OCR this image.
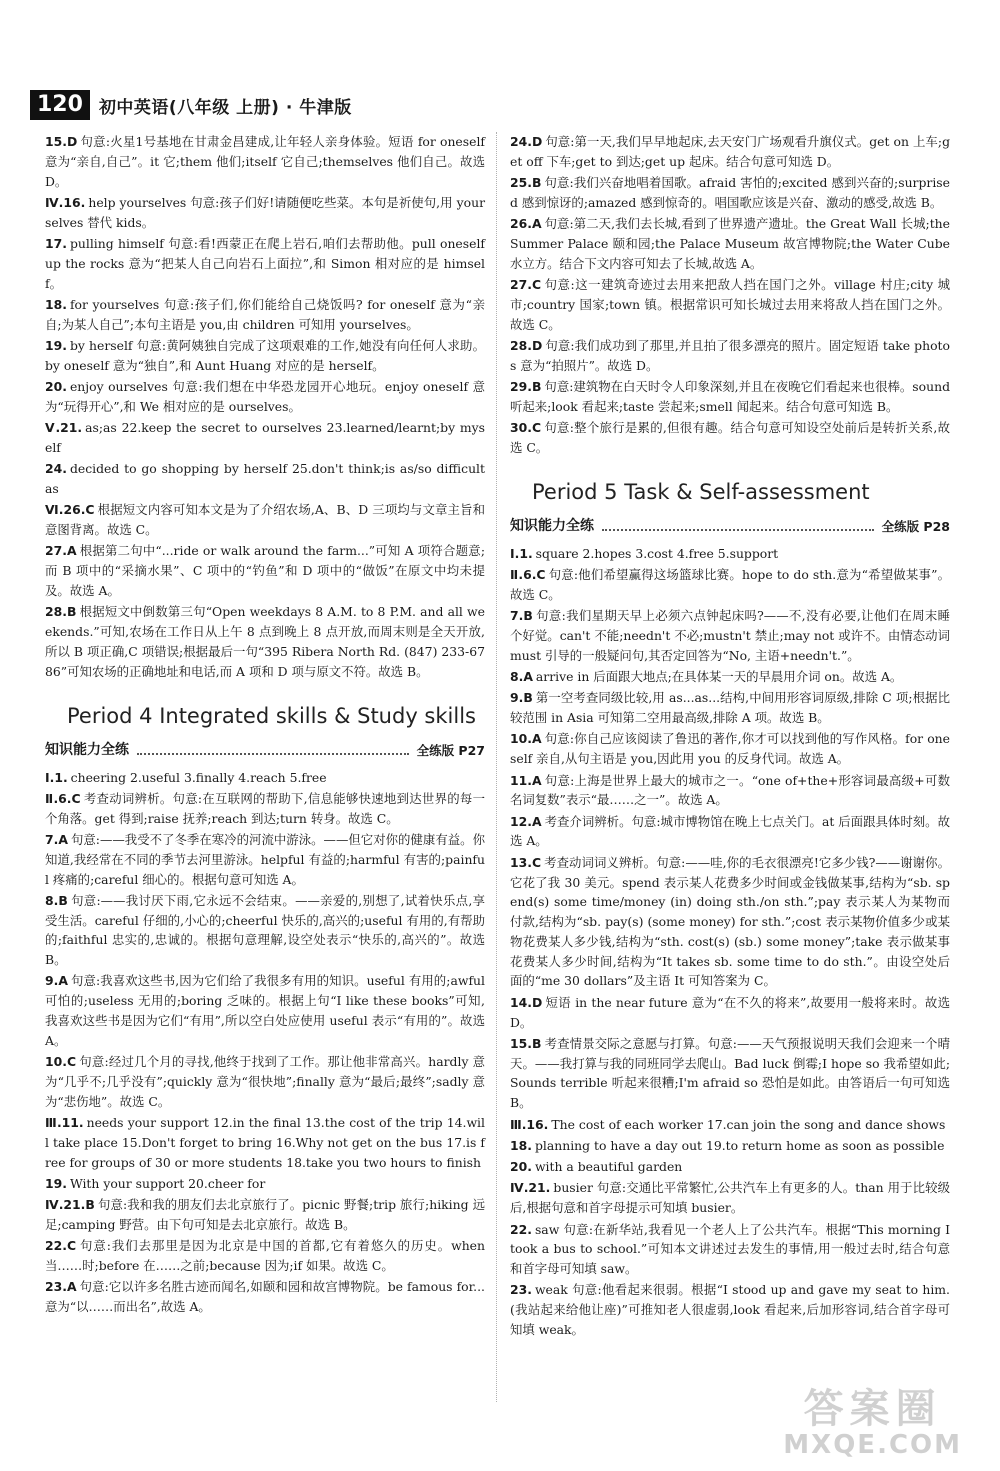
120 初中英语(八年级 上册) · 牛津版
15.D 句意:火星1号基地在甘肃金昌建成,让年轻人亲身体验。短语 for oneself 意为“亲自,自己”。it 它;them 他们;itself 它自己;themselves 他们自己。故选 D。
Ⅳ.16. help yourselves 句意:孩子们好!请随便吃些菜。本句是祈使句,用 yourselves 替代 kids。
17. pulling himself 句意:看!西蒙正在爬上岩石,咱们去帮助他。pull oneself up the rocks 意为“把某人自己向岩石上面拉”,和 Simon 相对应的是 himself。
18. for yourselves 句意:孩子们,你们能给自己烧饭吗? for oneself 意为“亲自;为某人自己”;本句主语是 you,由 children 可知用 yourselves。
19. by herself 句意:黄阿姨独自完成了这项艰难的工作,她没有向任何人求助。by oneself 意为“独自”,和 Aunt Huang 对应的是 herself。
20. enjoy ourselves 句意:我们想在中华恐龙园开心地玩。enjoy oneself 意为“玩得开心”,和 We 相对应的是 ourselves。
Ⅴ.21. as;as 22.keep the secret to ourselves 23.learned/learnt;by myself
24. decided to go shopping by herself 25.don't think;is as/so difficult as
Ⅵ.26.C 根据短文内容可知本文是为了介绍农场,A、B、D 三项均与文章主旨和意图背离。故选 C。
27.A 根据第二句中“...ride or walk around the farm...”可知 A 项符合题意;而 B 项中的“采摘水果”、C 项中的“钓鱼”和 D 项中的“做饭”在原文中均未提及。故选 A。
28.B 根据短文中倒数第三句“Open weekdays 8 A.M. to 8 P.M. and all weekends.”可知,农场在工作日从上午 8 点到晚上 8 点开放,而周末则是全天开放,所以 B 项正确,C 项错误;根据最后一句“395 Ribera North Rd. (847) 233-6786”可知农场的正确地址和电话,而 A 项和 D 项与原文不符。故选 B。
Period 4 Integrated skills & Study skills
知识能力全练	全练版 P27
Ⅰ.1. cheering 2.useful 3.finally 4.reach 5.free
Ⅱ.6.C 考查动词辨析。句意:在互联网的帮助下,信息能够快速地到达世界的每一个角落。get 得到;raise 抚养;reach 到达;turn 转身。故选 C。
7.A 句意:——我受不了冬季在寒冷的河流中游泳。——但它对你的健康有益。你知道,我经常在不同的季节去河里游泳。helpful 有益的;harmful 有害的;painful 疼痛的;careful 细心的。根据句意可知选 A。
8.B 句意:——我讨厌下雨,它永远不会结束。——亲爱的,别想了,试着快乐点,享受生活。careful 仔细的,小心的;cheerful 快乐的,高兴的;useful 有用的,有帮助的;faithful 忠实的,忠诚的。根据句意理解,设空处表示“快乐的,高兴的”。故选 B。
9.A 句意:我喜欢这些书,因为它们给了我很多有用的知识。useful 有用的;awful 可怕的;useless 无用的;boring 乏味的。根据上句“I like these books”可知,我喜欢这些书是因为它们“有用”,所以空白处应使用 useful 表示“有用的”。故选 A。
10.C 句意:经过几个月的寻找,他终于找到了工作。那让他非常高兴。hardly 意为“几乎不;几乎没有”;quickly 意为“很快地”;finally 意为“最后;最终”;sadly 意为“悲伤地”。故选 C。
Ⅲ.11. needs your support 12.in the final 13.the cost of the trip 14.will take place 15.Don't forget to bring 16.Why not get on the bus 17.is free for groups of 30 or more students 18.take you two hours to finish
19. With your support 20.cheer for
Ⅳ.21.B 句意:我和我的朋友们去北京旅行了。picnic 野餐;trip 旅行;hiking 远足;camping 野营。由下句可知是去北京旅行。故选 B。
22.C 句意:我们去那里是因为北京是中国的首都,它有着悠久的历史。when 当……时;before 在……之前;because 因为;if 如果。故选 C。
23.A 句意:它以许多名胜古迹而闻名,如颐和园和故宫博物院。be famous for...意为“以……而出名”,故选 A。
24.D 句意:第一天,我们早早地起床,去天安门广场观看升旗仪式。get on 上车;get off 下车;get to 到达;get up 起床。结合句意可知选 D。
25.B 句意:我们兴奋地唱着国歌。afraid 害怕的;excited 感到兴奋的;surprised 感到惊讶的;amazed 感到惊奇的。唱国歌应该是兴奋、激动的感受,故选 B。
26.A 句意:第二天,我们去长城,看到了世界遗产遗址。the Great Wall 长城;the Summer Palace 颐和园;the Palace Museum 故宫博物院;the Water Cube 水立方。结合下文内容可知去了长城,故选 A。
27.C 句意:这一建筑奇迹过去用来把敌人挡在国门之外。village 村庄;city 城市;country 国家;town 镇。根据常识可知长城过去用来将敌人挡在国门之外。故选 C。
28.D 句意:我们成功到了那里,并且拍了很多漂亮的照片。固定短语 take photos 意为“拍照片”。故选 D。
29.B 句意:建筑物在白天时令人印象深刻,并且在夜晚它们看起来也很棒。sound 听起来;look 看起来;taste 尝起来;smell 闻起来。结合句意可知选 B。
30.C 句意:整个旅行是累的,但很有趣。结合句意可知设空处前后是转折关系,故选 C。
Period 5 Task & Self-assessment
知识能力全练	全练版 P28
Ⅰ.1. square 2.hopes 3.cost 4.free 5.support
Ⅱ.6.C 句意:他们希望赢得这场篮球比赛。hope to do sth.意为“希望做某事”。故选 C。
7.B 句意:我们星期天早上必须六点钟起床吗?——不,没有必要,让他们在周末睡个好觉。can't 不能;needn't 不必;mustn't 禁止;may not 或许不。由情态动词 must 引导的一般疑问句,其否定回答为“No, 主语+needn't.”。
8.A arrive in 后面跟大地点;在具体某一天的早晨用介词 on。故选 A。
9.B 第一空考查同级比较,用 as...as...结构,中间用形容词原级,排除 C 项;根据比较范围 in Asia 可知第二空用最高级,排除 A 项。故选 B。
10.A 句意:你自己应该阅读了鲁迅的著作,你才可以找到他的写作风格。for oneself 亲自,从句主语是 you,因此用 you 的反身代词。故选 A。
11.A 句意:上海是世界上最大的城市之一。“one of+the+形容词最高级+可数名词复数”表示“最……之一”。故选 A。
12.A 考查介词辨析。句意:城市博物馆在晚上七点关门。at 后面跟具体时刻。故选 A。
13.C 考查动词词义辨析。句意:——哇,你的毛衣很漂亮!它多少钱?——谢谢你。它花了我 30 美元。spend 表示某人花费多少时间或金钱做某事,结构为“sb. spend(s) some time/money (in) doing sth./on sth.”;pay 表示某人为某物而付款,结构为“sb. pay(s) (some money) for sth.”;cost 表示某物价值多少或某物花费某人多少钱,结构为“sth. cost(s) (sb.) some money”;take 表示做某事花费某人多少时间,结构为“It takes sb. some time to do sth.”。由设空处后面的“me 30 dollars”及主语 It 可知答案为 C。
14.D 短语 in the near future 意为“在不久的将来”,故要用一般将来时。故选 D。
15.B 考查情景交际之意愿与打算。句意:——天气预报说明天我们会迎来一个晴天。——我打算与我的同班同学去爬山。Bad luck 倒霉;I hope so 我希望如此;Sounds terrible 听起来很糟;I'm afraid so 恐怕是如此。由答语后一句可知选 B。
Ⅲ.16. The cost of each worker 17.can join the song and dance shows
18. planning to have a day out 19.to return home as soon as possible
20. with a beautiful garden
Ⅳ.21. busier 句意:交通比平常繁忙,公共汽车上有更多的人。than 用于比较级后,根据句意和首字母提示可知填 busier。
22. saw 句意:在新华站,我看见一个老人上了公共汽车。根据“This morning I took a bus to school.”可知本文讲述过去发生的事情,用一般过去时,结合句意和首字母可知填 saw。
23. weak 句意:他看起来很弱。根据“I stood up and gave my seat to him.(我站起来给他让座)”可推知老人很虚弱,look 看起来,后加形容词,结合首字母可知填 weak。
答案圈
MXQE.COM
